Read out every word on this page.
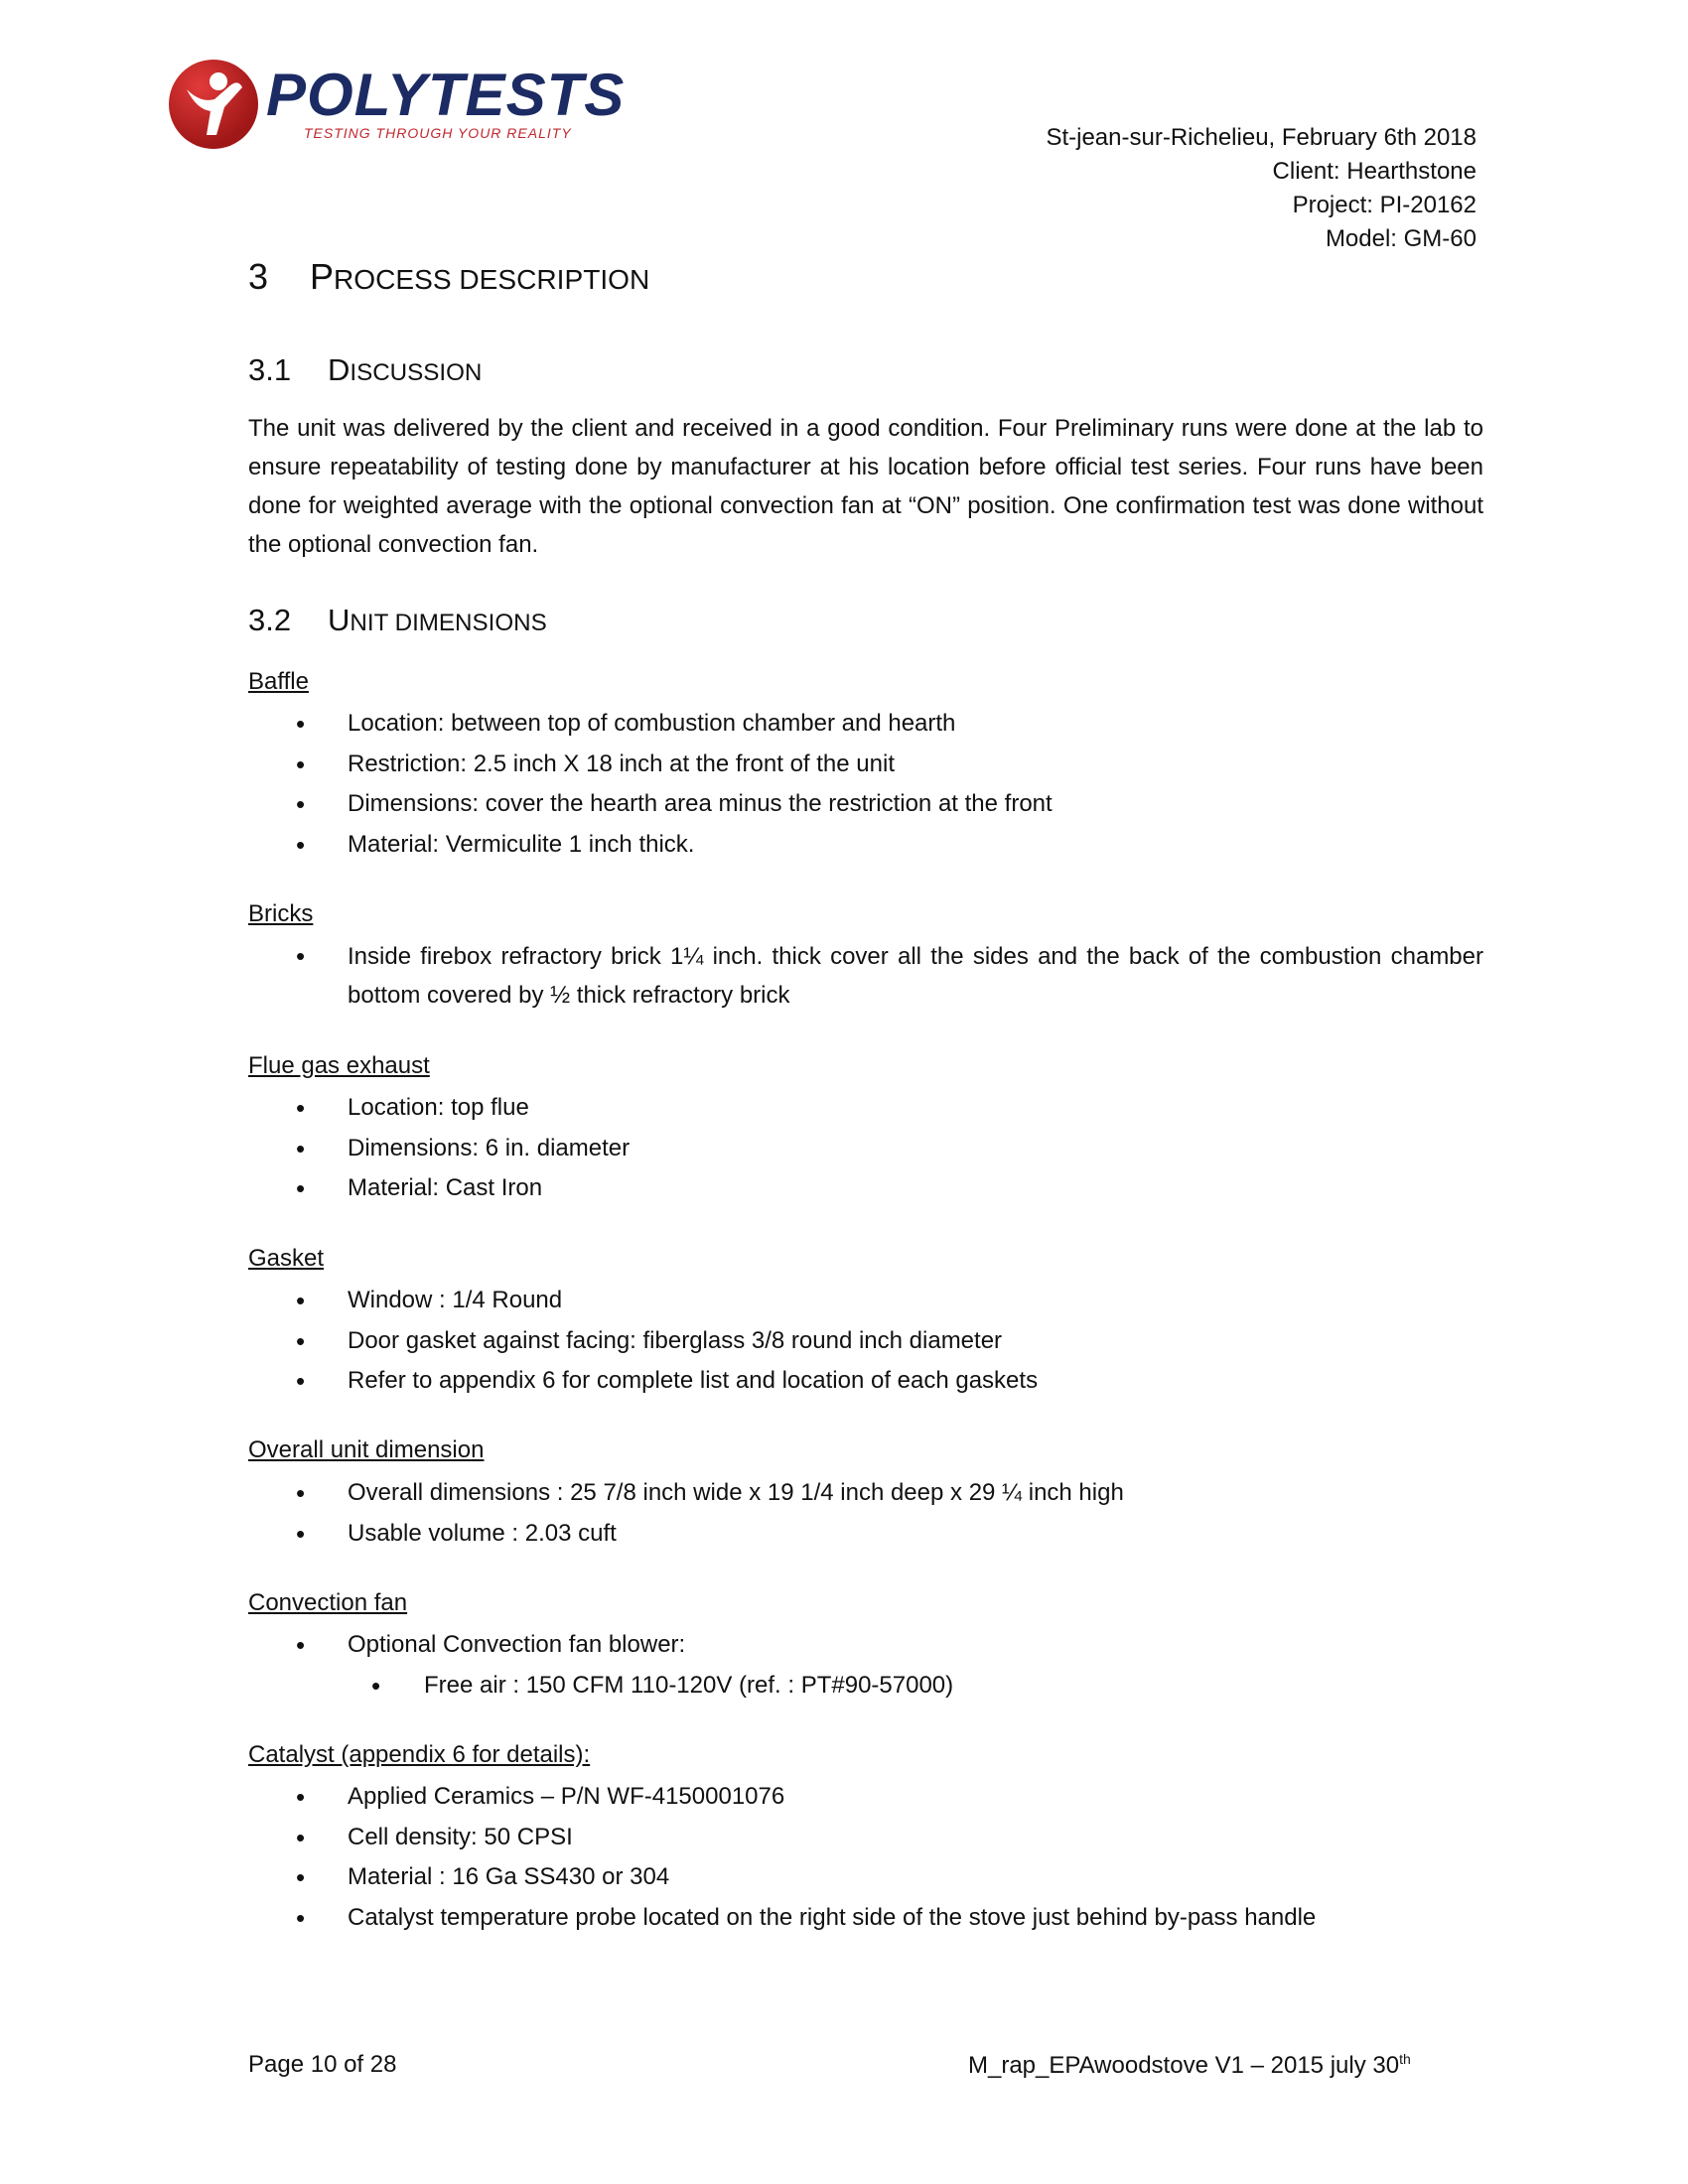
POLYTESTS
TESTING THROUGH YOUR REALITY	St-jean-sur-Richelieu, February 6th 2018
Client: Hearthstone
Project: PI-20162
Model: GM-60
3 PROCESS DESCRIPTION
3.1 DISCUSSION
The unit was delivered by the client and received in a good condition. Four Preliminary runs were done at the lab to ensure repeatability of testing done by manufacturer at his location before official test series. Four runs have been done for weighted average with the optional convection fan at “ON” position. One confirmation test was done without the optional convection fan.
3.2 UNIT DIMENSIONS
Baffle
• Location: between top of combustion chamber and hearth
• Restriction: 2.5 inch X 18 inch at the front of the unit
• Dimensions: cover the hearth area minus the restriction at the front
• Material: Vermiculite 1 inch thick.
Bricks
• Inside firebox refractory brick 1¼ inch. thick cover all the sides and the back of the combustion chamber bottom covered by ½ thick refractory brick
Flue gas exhaust
• Location: top flue
• Dimensions: 6 in. diameter
• Material: Cast Iron
Gasket
• Window : 1/4 Round
• Door gasket against facing: fiberglass 3/8 round inch diameter
• Refer to appendix 6 for complete list and location of each gaskets
Overall unit dimension
• Overall dimensions : 25 7/8 inch wide x 19 1/4 inch deep x 29 ¼ inch high
• Usable volume : 2.03 cuft
Convection fan
• Optional Convection fan blower:
• Free air : 150 CFM 110-120V (ref. : PT#90-57000)
Catalyst (appendix 6 for details):
• Applied Ceramics – P/N WF-4150001076
• Cell density: 50 CPSI
• Material : 16 Ga SS430 or 304
• Catalyst temperature probe located on the right side of the stove just behind by-pass handle
Page 10 of 28	M_rap_EPAwoodstove V1 – 2015 july 30th
